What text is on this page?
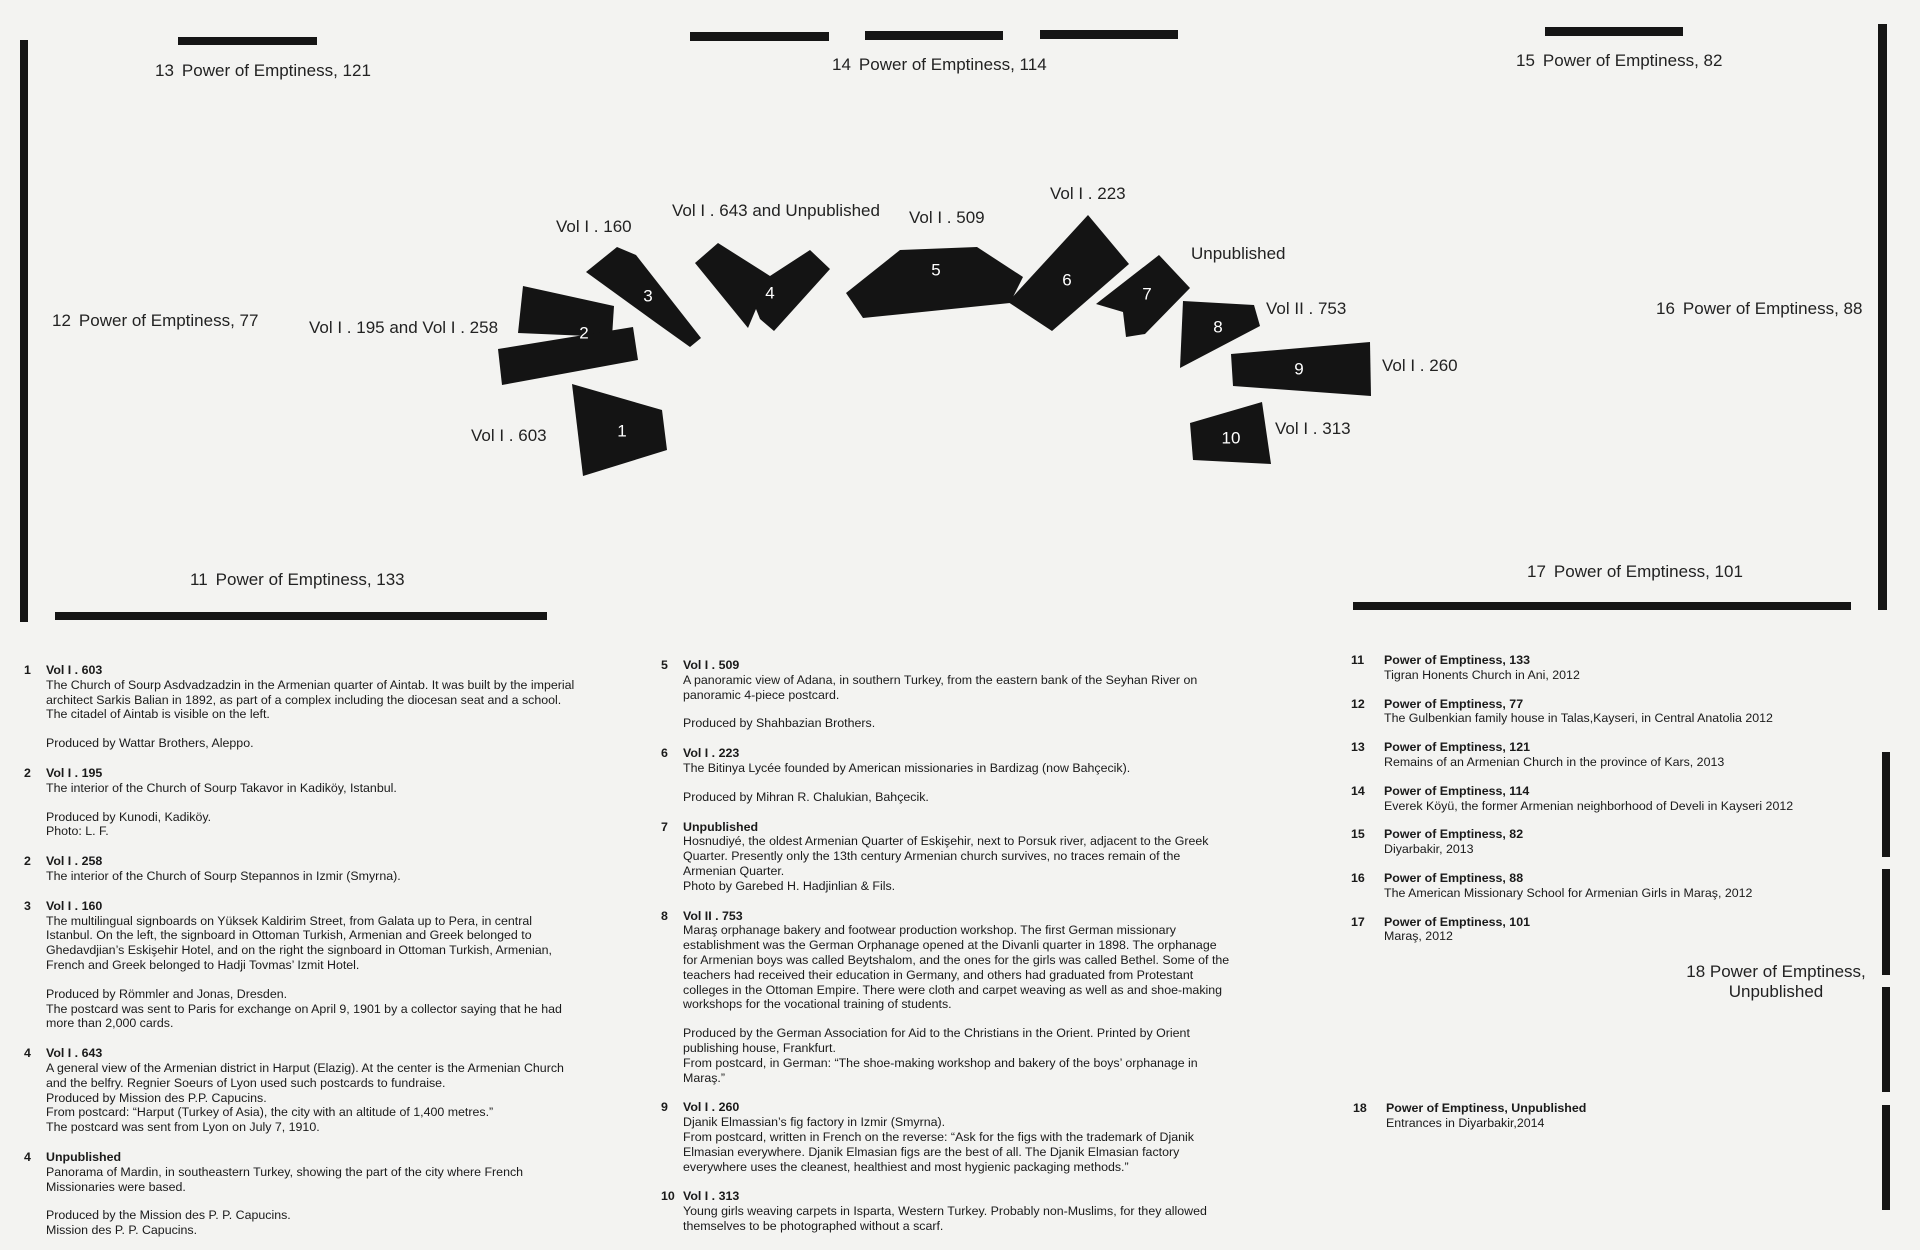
13 Power of Emptiness, 121	14 Power of Emptiness, 114	15 Power of Emptiness, 82
12 Power of Emptiness, 77
16 Power of Emptiness, 88
11 Power of Emptiness, 133	17 Power of Emptiness, 101
18 Power of Emptiness,
Unpublished
1
2
3	4
5
6
7
8
9
10
Vol I . 603
Vol I . 195 and Vol I . 258
Vol I . 160
Vol I . 643 and Unpublished Vol I . 509
Vol I . 223
Unpublished
Vol II . 753
Vol I . 260
Vol I . 313
1 Vol I . 603
The Church of Sourp Asdvadzadzin in the Armenian quarter of Aintab. It was built by the imperial architect Sarkis Balian in 1892, as part of a complex including the diocesan seat and a school. The citadel of Aintab is visible on the left.
Produced by Wattar Brothers, Aleppo.
2 Vol I . 195
The interior of the Church of Sourp Takavor in Kadiköy, Istanbul.
Produced by Kunodi, Kadiköy.
Photo: L. F.
2 Vol I . 258
The interior of the Church of Sourp Stepannos in Izmir (Smyrna).
3 Vol I . 160
The multilingual signboards on Yüksek Kaldirim Street, from Galata up to Pera, in central Istanbul. On the left, the signboard in Ottoman Turkish, Armenian and Greek belonged to Ghedavdjian’s Eskişehir Hotel, and on the right the signboard in Ottoman Turkish, Armenian, French and Greek belonged to Hadji Tovmas’ Izmit Hotel.
Produced by Römmler and Jonas, Dresden.
The postcard was sent to Paris for exchange on April 9, 1901 by a collector saying that he had more than 2,000 cards.
4 Vol I . 643
A general view of the Armenian district in Harput (Elazig). At the center is the Armenian Church and the belfry. Regnier Soeurs of Lyon used such postcards to fundraise.
Produced by Mission des P.P. Capucins.
From postcard: “Harput (Turkey of Asia), the city with an altitude of 1,400 metres.”
The postcard was sent from Lyon on July 7, 1910.
4 Unpublished
Panorama of Mardin, in southeastern Turkey, showing the part of the city where French Missionaries were based.
Produced by the Mission des P. P. Capucins.
Mission des P. P. Capucins.
5 Vol I . 509
A panoramic view of Adana, in southern Turkey, from the eastern bank of the Seyhan River on panoramic 4-piece postcard.
Produced by Shahbazian Brothers.
6 Vol I . 223
The Bitinya Lycée founded by American missionaries in Bardizag (now Bahçecik).
Produced by Mihran R. Chalukian, Bahçecik.
7 Unpublished
Hosnudiyé, the oldest Armenian Quarter of Eskişehir, next to Porsuk river, adjacent to the Greek Quarter. Presently only the 13th century Armenian church survives, no traces remain of the Armenian Quarter.
Photo by Garebed H. Hadjinlian & Fils.
8 Vol II . 753
Maraş orphanage bakery and footwear production workshop. The first German missionary establishment was the German Orphanage opened at the Divanli quarter in 1898. The orphanage for Armenian boys was called Beytshalom, and the ones for the girls was called Bethel. Some of the teachers had received their education in Germany, and others had graduated from Protestant colleges in the Ottoman Empire. There were cloth and carpet weaving as well as and shoe-making workshops for the vocational training of students.
Produced by the German Association for Aid to the Christians in the Orient. Printed by Orient publishing house, Frankfurt.
From postcard, in German: “The shoe-making workshop and bakery of the boys’ orphanage in Maraş.”
9 Vol I . 260
Djanik Elmassian’s fig factory in Izmir (Smyrna).
From postcard, written in French on the reverse: “Ask for the figs with the trademark of Djanik Elmasian everywhere. Djanik Elmasian figs are the best of all. The Djanik Elmasian factory everywhere uses the cleanest, healthiest and most hygienic packaging methods.”
10 Vol I . 313
Young girls weaving carpets in Isparta, Western Turkey. Probably non-Muslims, for they allowed themselves to be photographed without a scarf.
11 Power of Emptiness, 133
Tigran Honents Church in Ani, 2012
12 Power of Emptiness, 77
The Gulbenkian family house in Talas,Kayseri, in Central Anatolia 2012
13 Power of Emptiness, 121
Remains of an Armenian Church in the province of Kars, 2013
14 Power of Emptiness, 114
Everek Köyü, the former Armenian neighborhood of Develi in Kayseri 2012
15 Power of Emptiness, 82
Diyarbakir, 2013
16 Power of Emptiness, 88
The American Missionary School for Armenian Girls in Maraş, 2012
17 Power of Emptiness, 101
Maraş, 2012
18 Power of Emptiness, Unpublished
Entrances in Diyarbakir,2014
